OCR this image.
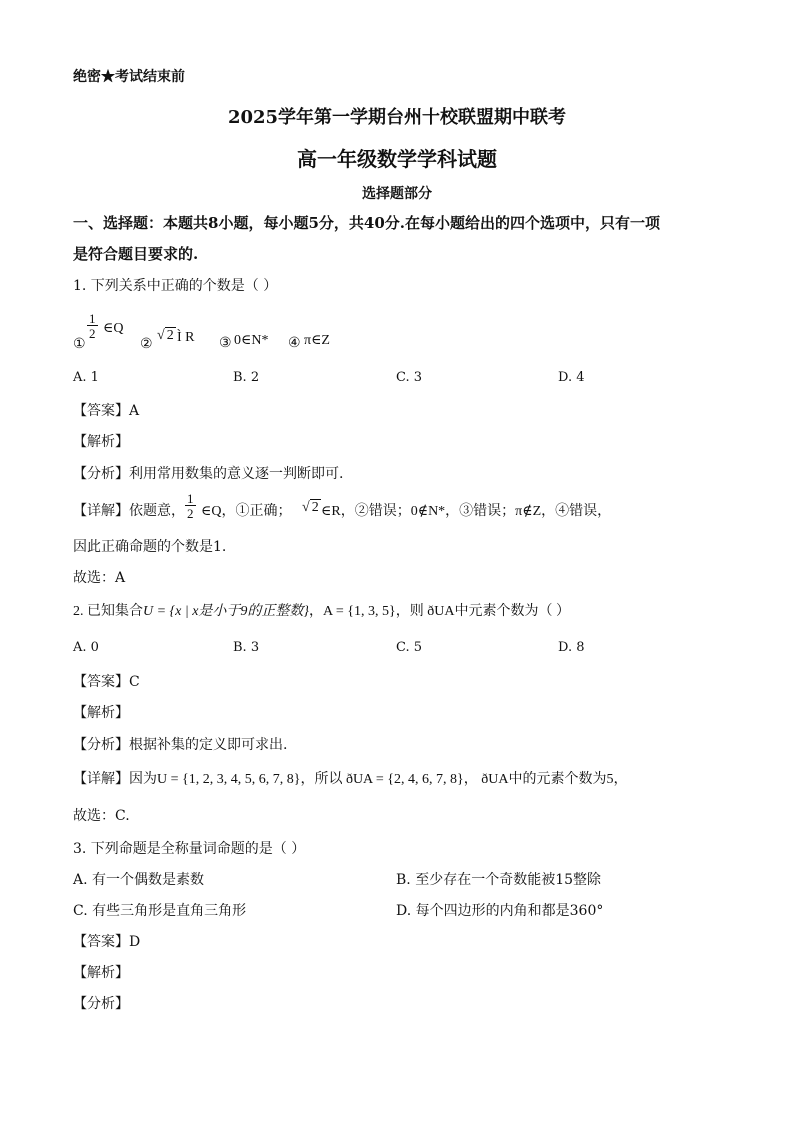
绝密★考试结束前
2025学年第一学期台州十校联盟期中联考
高一年级数学学科试题
选择题部分
一、选择题：本题共8小题，每小题5分，共40分.在每小题给出的四个选项中，只有一项
是符合题目要求的.
1. 下列关系中正确的个数是（ ）
①
$\frac{1}{2}$ ∈Q
②
√ 2 Ì R ③ 0∈N* ④ π∈Z
A. 1	B. 2	C. 3	D. 4
【答案】A
【解析】
【分析】利用常用数集的意义逐一判断即可.
【详解】依题意， $\frac{1}{2}$ ∈Q，①正确； √ 2 ∈R，②错误；0∉N*，③错误；π∉Z，④错误，
因此正确命题的个数是1.
故选：A
2. 已知集合U = {x | x是小于9的正整数}，A = {1, 3, 5}，则 ðUA中元素个数为（ ）
A. 0	B. 3	C. 5	D. 8
【答案】C
【解析】
【分析】根据补集的定义即可求出.
【详解】因为U = {1, 2, 3, 4, 5, 6, 7, 8}，所以 ðUA = {2, 4, 6, 7, 8}， ðUA中的元素个数为5，
故选：C.
3. 下列命题是全称量词命题的是（ ）
A. 有一个偶数是素数	B. 至少存在一个奇数能被15整除
C. 有些三角形是直角三角形	D. 每个四边形的内角和都是360°
【答案】D
【解析】
【分析】
